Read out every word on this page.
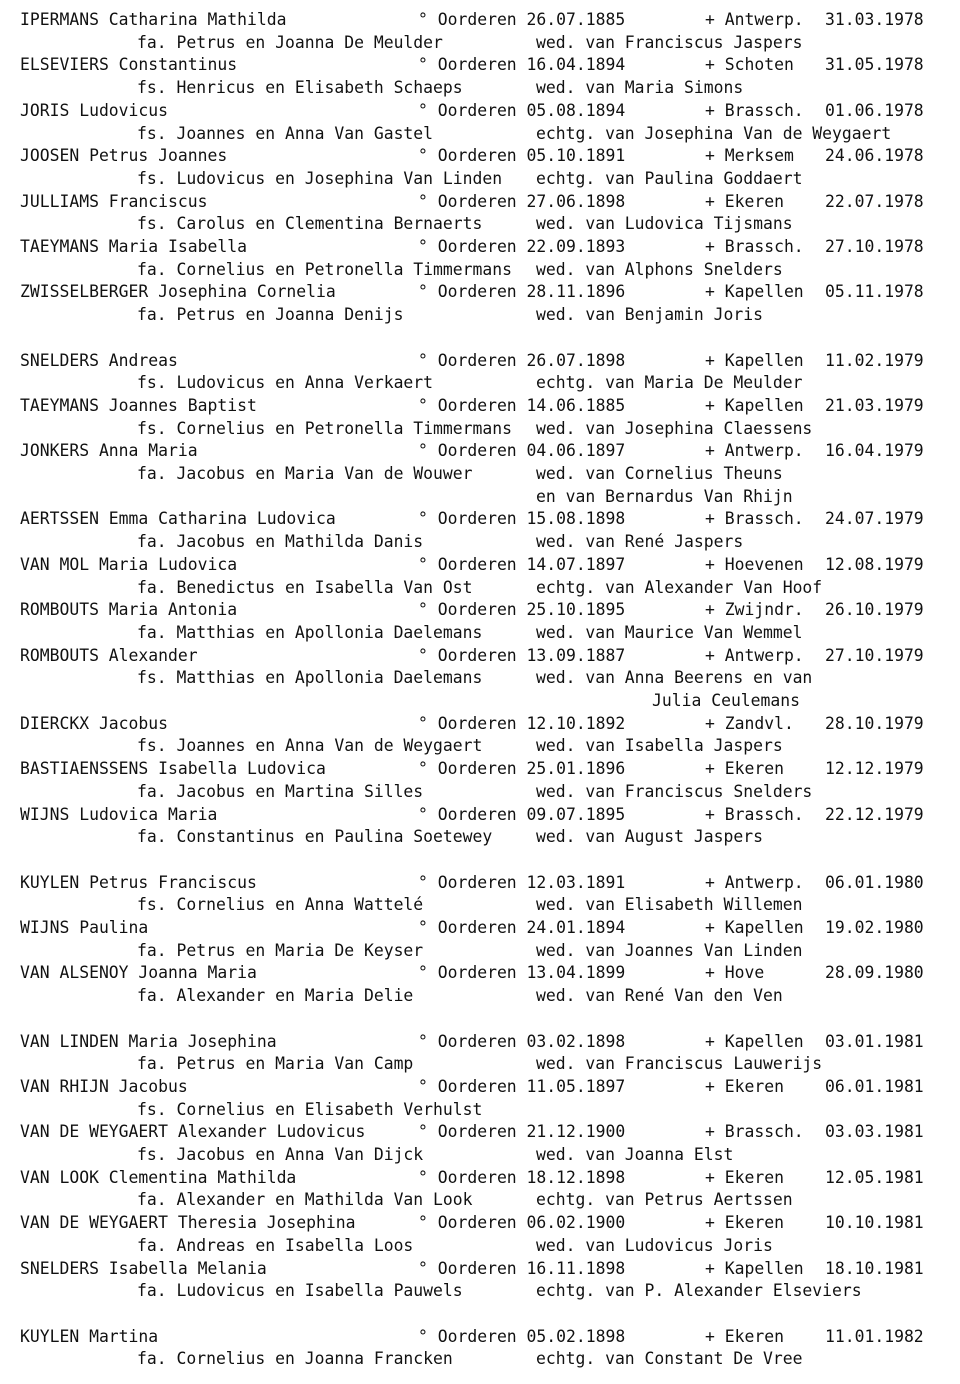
IPERMANS Catharina Mathilda	° Oorderen 26.07.1885	+ Antwerp. 31.03.1978
fa. Petrus en Joanna De Meulder	wed. van Franciscus Jaspers
ELSEVIERS Constantinus	° Oorderen 16.04.1894	+ Schoten 31.05.1978
fs. Henricus en Elisabeth Schaeps	wed. van Maria Simons
JORIS Ludovicus	° Oorderen 05.08.1894	+ Brassch. 01.06.1978
fs. Joannes en Anna Van Gastel	echtg. van Josephina Van de Weygaert
JOOSEN Petrus Joannes	° Oorderen 05.10.1891	+ Merksem 24.06.1978
fs. Ludovicus en Josephina Van Linden echtg. van Paulina Goddaert
JULLIAMS Franciscus	° Oorderen 27.06.1898	+ Ekeren	22.07.1978
fs. Carolus en Clementina Bernaerts	wed. van Ludovica Tijsmans
TAEYMANS Maria Isabella	° Oorderen 22.09.1893	+ Brassch. 27.10.1978
fa. Cornelius en Petronella Timmermans wed. van Alphons Snelders
ZWISSELBERGER Josephina Cornelia	° Oorderen 28.11.1896	+ Kapellen 05.11.1978
fa. Petrus en Joanna Denijs	wed. van Benjamin Joris
SNELDERS Andreas	° Oorderen 26.07.1898	+ Kapellen 11.02.1979
fs. Ludovicus en Anna Verkaert	echtg. van Maria De Meulder
TAEYMANS Joannes Baptist	° Oorderen 14.06.1885	+ Kapellen 21.03.1979
fs. Cornelius en Petronella Timmermans wed. van Josephina Claessens
JONKERS Anna Maria	° Oorderen 04.06.1897	+ Antwerp. 16.04.1979
fa. Jacobus en Maria Van de Wouwer	wed. van Cornelius Theuns
en van Bernardus Van Rhijn
AERTSSEN Emma Catharina Ludovica	° Oorderen 15.08.1898	+ Brassch. 24.07.1979
fa. Jacobus en Mathilda Danis	wed. van René Jaspers
VAN MOL Maria Ludovica	° Oorderen 14.07.1897	+ Hoevenen 12.08.1979
fa. Benedictus en Isabella Van Ost	echtg. van Alexander Van Hoof
ROMBOUTS Maria Antonia	° Oorderen 25.10.1895	+ Zwijndr. 26.10.1979
fa. Matthias en Apollonia Daelemans	wed. van Maurice Van Wemmel
ROMBOUTS Alexander	° Oorderen 13.09.1887	+ Antwerp. 27.10.1979
fs. Matthias en Apollonia Daelemans	wed. van Anna Beerens en van
Julia Ceulemans
DIERCKX Jacobus	° Oorderen 12.10.1892	+ Zandvl. 28.10.1979
fs. Joannes en Anna Van de Weygaert	wed. van Isabella Jaspers
BASTIAENSSENS Isabella Ludovica	° Oorderen 25.01.1896	+ Ekeren	12.12.1979
fa. Jacobus en Martina Silles	wed. van Franciscus Snelders
WIJNS Ludovica Maria	° Oorderen 09.07.1895	+ Brassch. 22.12.1979
fa. Constantinus en Paulina Soetewey	wed. van August Jaspers
KUYLEN Petrus Franciscus	° Oorderen 12.03.1891	+ Antwerp. 06.01.1980
fs. Cornelius en Anna Wattelé	wed. van Elisabeth Willemen
WIJNS Paulina	° Oorderen 24.01.1894	+ Kapellen 19.02.1980
fa. Petrus en Maria De Keyser	wed. van Joannes Van Linden
VAN ALSENOY Joanna Maria	° Oorderen 13.04.1899	+ Hove	28.09.1980
fa. Alexander en Maria Delie	wed. van René Van den Ven
VAN LINDEN Maria Josephina	° Oorderen 03.02.1898	+ Kapellen 03.01.1981
fa. Petrus en Maria Van Camp	wed. van Franciscus Lauwerijs
VAN RHIJN Jacobus	° Oorderen 11.05.1897	+ Ekeren	06.01.1981
fs. Cornelius en Elisabeth Verhulst
VAN DE WEYGAERT Alexander Ludovicus	° Oorderen 21.12.1900	+ Brassch. 03.03.1981
fs. Jacobus en Anna Van Dijck	wed. van Joanna Elst
VAN LOOK Clementina Mathilda	° Oorderen 18.12.1898	+ Ekeren	12.05.1981
fa. Alexander en Mathilda Van Look	echtg. van Petrus Aertssen
VAN DE WEYGAERT Theresia Josephina	° Oorderen 06.02.1900	+ Ekeren	10.10.1981
fa. Andreas en Isabella Loos	wed. van Ludovicus Joris
SNELDERS Isabella Melania	° Oorderen 16.11.1898	+ Kapellen 18.10.1981
fa. Ludovicus en Isabella Pauwels	echtg. van P. Alexander Elseviers
KUYLEN Martina	° Oorderen 05.02.1898	+ Ekeren	11.01.1982
fa. Cornelius en Joanna Francken	echtg. van Constant De Vree
